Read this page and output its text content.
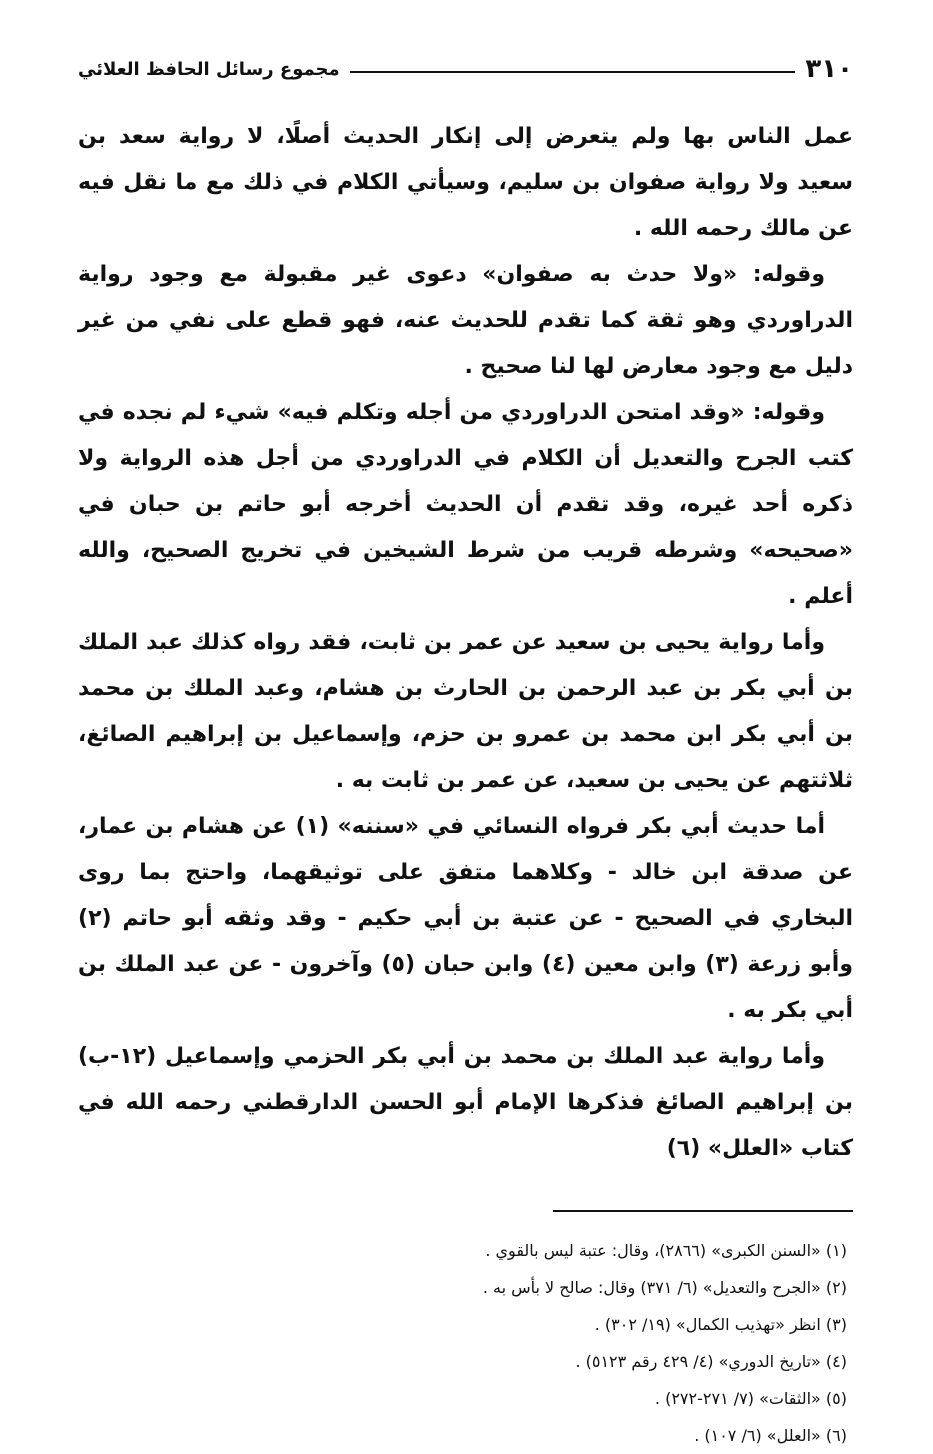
٣١٠
مجموع رسائل الحافظ العلائي

عمل الناس بها ولم يتعرض إلى إنكار الحديث أصلًا، لا رواية سعد بن سعيد ولا رواية صفوان بن سليم، وسيأتي الكلام في ذلك مع ما نقل فيه عن مالك رحمه الله .

وقوله: «ولا حدث به صفوان» دعوى غير مقبولة مع وجود رواية الدراوردي وهو ثقة كما تقدم للحديث عنه، فهو قطع على نفي من غير دليل مع وجود معارض لها لنا صحيح .

وقوله: «وقد امتحن الدراوردي من أجله وتكلم فيه» شيء لم نجده في كتب الجرح والتعديل أن الكلام في الدراوردي من أجل هذه الرواية ولا ذكره أحد غيره، وقد تقدم أن الحديث أخرجه أبو حاتم بن حبان في «صحيحه» وشرطه قريب من شرط الشيخين في تخريج الصحيح، والله أعلم .

وأما رواية يحيى بن سعيد عن عمر بن ثابت، فقد رواه كذلك عبد الملك بن أبي بكر بن عبد الرحمن بن الحارث بن هشام، وعبد الملك بن محمد بن أبي بكر ابن محمد بن عمرو بن حزم، وإسماعيل بن إبراهيم الصائغ، ثلاثتهم عن يحيى بن سعيد، عن عمر بن ثابت به .

أما حديث أبي بكر فرواه النسائي في «سننه» (١) عن هشام بن عمار، عن صدقة ابن خالد - وكلاهما متفق على توثيقهما، واحتج بما روى البخاري في الصحيح - عن عتبة بن أبي حكيم - وقد وثقه أبو حاتم (٢) وأبو زرعة (٣) وابن معين (٤) وابن حبان (٥) وآخرون - عن عبد الملك بن أبي بكر به .

وأما رواية عبد الملك بن محمد بن أبي بكر الحزمي وإسماعيل (١٢-ب) بن إبراهيم الصائغ فذكرها الإمام أبو الحسن الدارقطني رحمه الله في كتاب «العلل» (٦)

(١) «السنن الكبرى» (٢٨٦٦)، وقال: عتبة ليس بالقوي .
(٢) «الجرح والتعديل» (٦/ ٣٧١) وقال: صالح لا بأس به .
(٣) انظر «تهذيب الكمال» (١٩/ ٣٠٢) .
(٤) «تاريخ الدوري» (٤/ ٤٢٩ رقم ٥١٢٣) .
(٥) «الثقات» (٧/ ٢٧١-٢٧٢) .
(٦) «العلل» (٦/ ١٠٧) .
